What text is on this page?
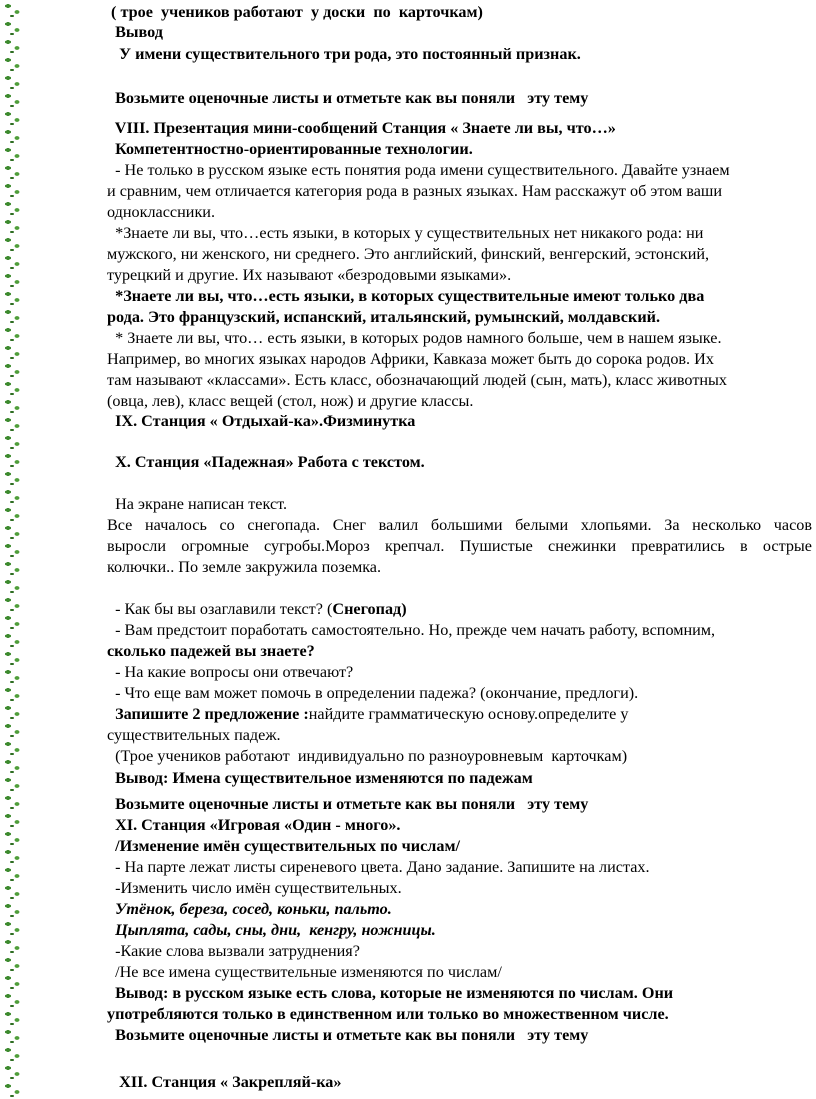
( трое  учеников работают  у доски  по  карточкам)
Вывод
У имени существительного три рода, это постоянный признак.
Возьмите оценочные листы и отметьте как вы поняли   эту тему
VIII. Презентация мини-сообщений Станция « Знаете ли вы, что…»
Компетентностно-ориентированные технологии.
- Не только в русском языке есть понятия рода имени существительного. Давайте узнаем
и сравним, чем отличается категория рода в разных языках. Нам расскажут об этом ваши
одноклассники.
*Знаете ли вы, что…есть языки, в которых у существительных нет никакого рода: ни
мужского, ни женского, ни среднего. Это английский, финский, венгерский, эстонский,
турецкий и другие. Их называют «безродовыми языками».
*Знаете ли вы, что…есть языки, в которых существительные имеют только два
рода. Это французский, испанский, итальянский, румынский, молдавский.
* Знаете ли вы, что… есть языки, в которых родов намного больше, чем в нашем языке.
Например, во многих языках народов Африки, Кавказа может быть до сорока родов. Их
там называют «классами». Есть класс, обозначающий людей (сын, мать), класс животных
(овца, лев), класс вещей (стол, нож) и другие классы.
IX. Станция « Отдыхай-ка».Физминутка
X. Станция «Падежная» Работа с текстом.
На экране написан текст.
Все началось со снегопада. Снег валил большими белыми хлопьями. За несколько часов
выросли огромные сугробы.Мороз крепчал. Пушистые снежинки превратились в острые
колючки.. По земле закружила поземка.
- Как бы вы озаглавили текст? (Снегопад)
- Вам предстоит поработать самостоятельно. Но, прежде чем начать работу, вспомним,
сколько падежей вы знаете?
- На какие вопросы они отвечают?
- Что еще вам может помочь в определении падежа? (окончание, предлоги).
Запишите 2 предложение :найдите грамматическую основу.определите у
существительных падеж.
(Трое учеников работают  индивидуально по разноуровневым  карточкам)
Вывод: Имена существительное изменяются по падежам
Возьмите оценочные листы и отметьте как вы поняли   эту тему
XI. Станция «Игровая «Один - много».
/Изменение имён существительных по числам/
- На парте лежат листы сиреневого цвета. Дано задание. Запишите на листах.
-Изменить число имён существительных.
Утёнок, береза, сосед, коньки, пальто.
Цыплята, сады, сны, дни,  кенгру, ножницы.
-Какие слова вызвали затруднения?
/Не все имена существительные изменяются по числам/
Вывод: в русском языке есть слова, которые не изменяются по числам. Они
употребляются только в единственном или только во множественном числе.
Возьмите оценочные листы и отметьте как вы поняли   эту тему
XII. Станция « Закрепляй-ка»
